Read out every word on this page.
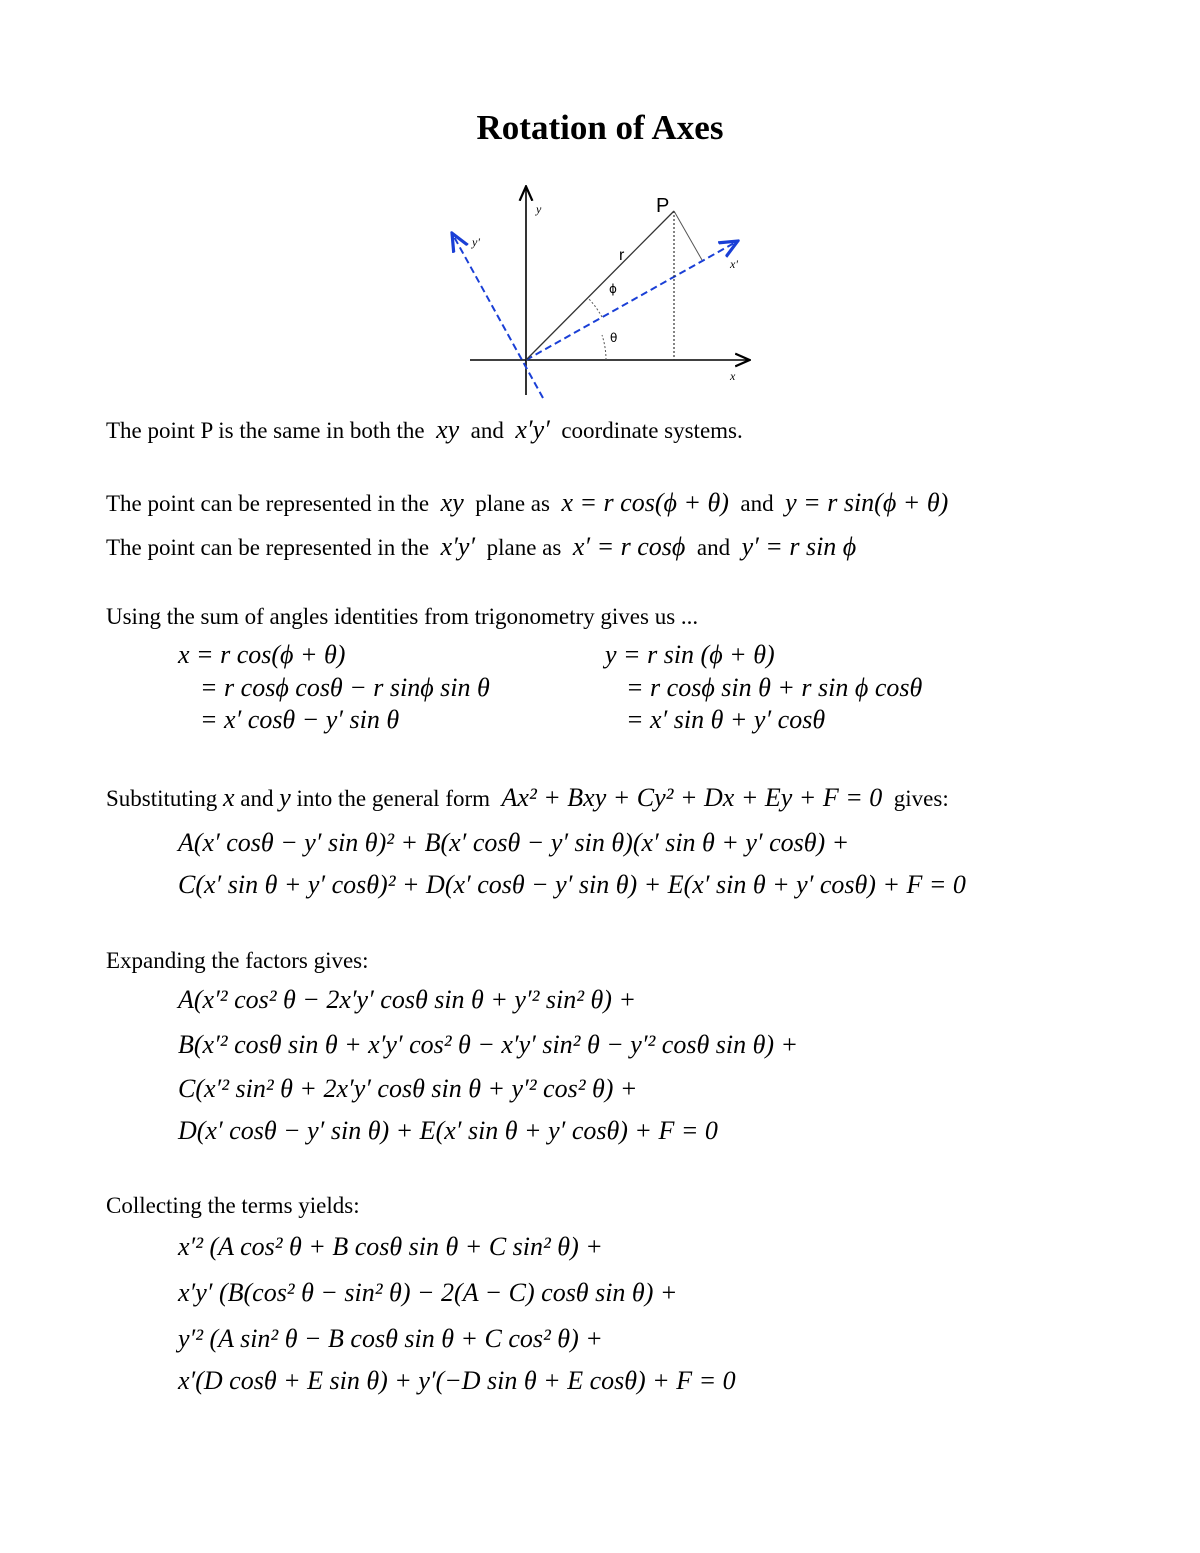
Rotation of Axes
P
r
y
x
y'
x'
ϕ
θ

The point P is the same in both the xy and x′y′ coordinate systems.

The point can be represented in the xy plane as x = r cos(ϕ + θ) and y = r sin(ϕ + θ)

The point can be represented in the x′y′ plane as x′ = r cosϕ and y′ = r sin ϕ

Using the sum of angles identities from trigonometry gives us ...

x = r cos(ϕ + θ)

= r cosϕ cosθ − r sinϕ sin θ

= x′ cosθ − y′ sin θ

y = r sin (ϕ + θ)

= r cosϕ sin θ + r sin ϕ cosθ

= x′ sin θ + y′ cosθ

Substituting x and y into the general form Ax² + Bxy + Cy² + Dx + Ey + F = 0 gives:

A(x′ cosθ − y′ sin θ)² + B(x′ cosθ − y′ sin θ)(x′ sin θ + y′ cosθ) +

C(x′ sin θ + y′ cosθ)² + D(x′ cosθ − y′ sin θ) + E(x′ sin θ + y′ cosθ) + F = 0

Expanding the factors gives:

A(x′² cos² θ − 2x′y′ cosθ sin θ + y′² sin² θ) +

B(x′² cosθ sin θ + x′y′ cos² θ − x′y′ sin² θ − y′² cosθ sin θ) +

C(x′² sin² θ + 2x′y′ cosθ sin θ + y′² cos² θ) +

D(x′ cosθ − y′ sin θ) + E(x′ sin θ + y′ cosθ) + F = 0

Collecting the terms yields:

x′² (A cos² θ + B cosθ sin θ + C sin² θ) +

x′y′ (B(cos² θ − sin² θ) − 2(A − C) cosθ sin θ) +

y′² (A sin² θ − B cosθ sin θ + C cos² θ) +

x′(D cosθ + E sin θ) + y′(−D sin θ + E cosθ) + F = 0
